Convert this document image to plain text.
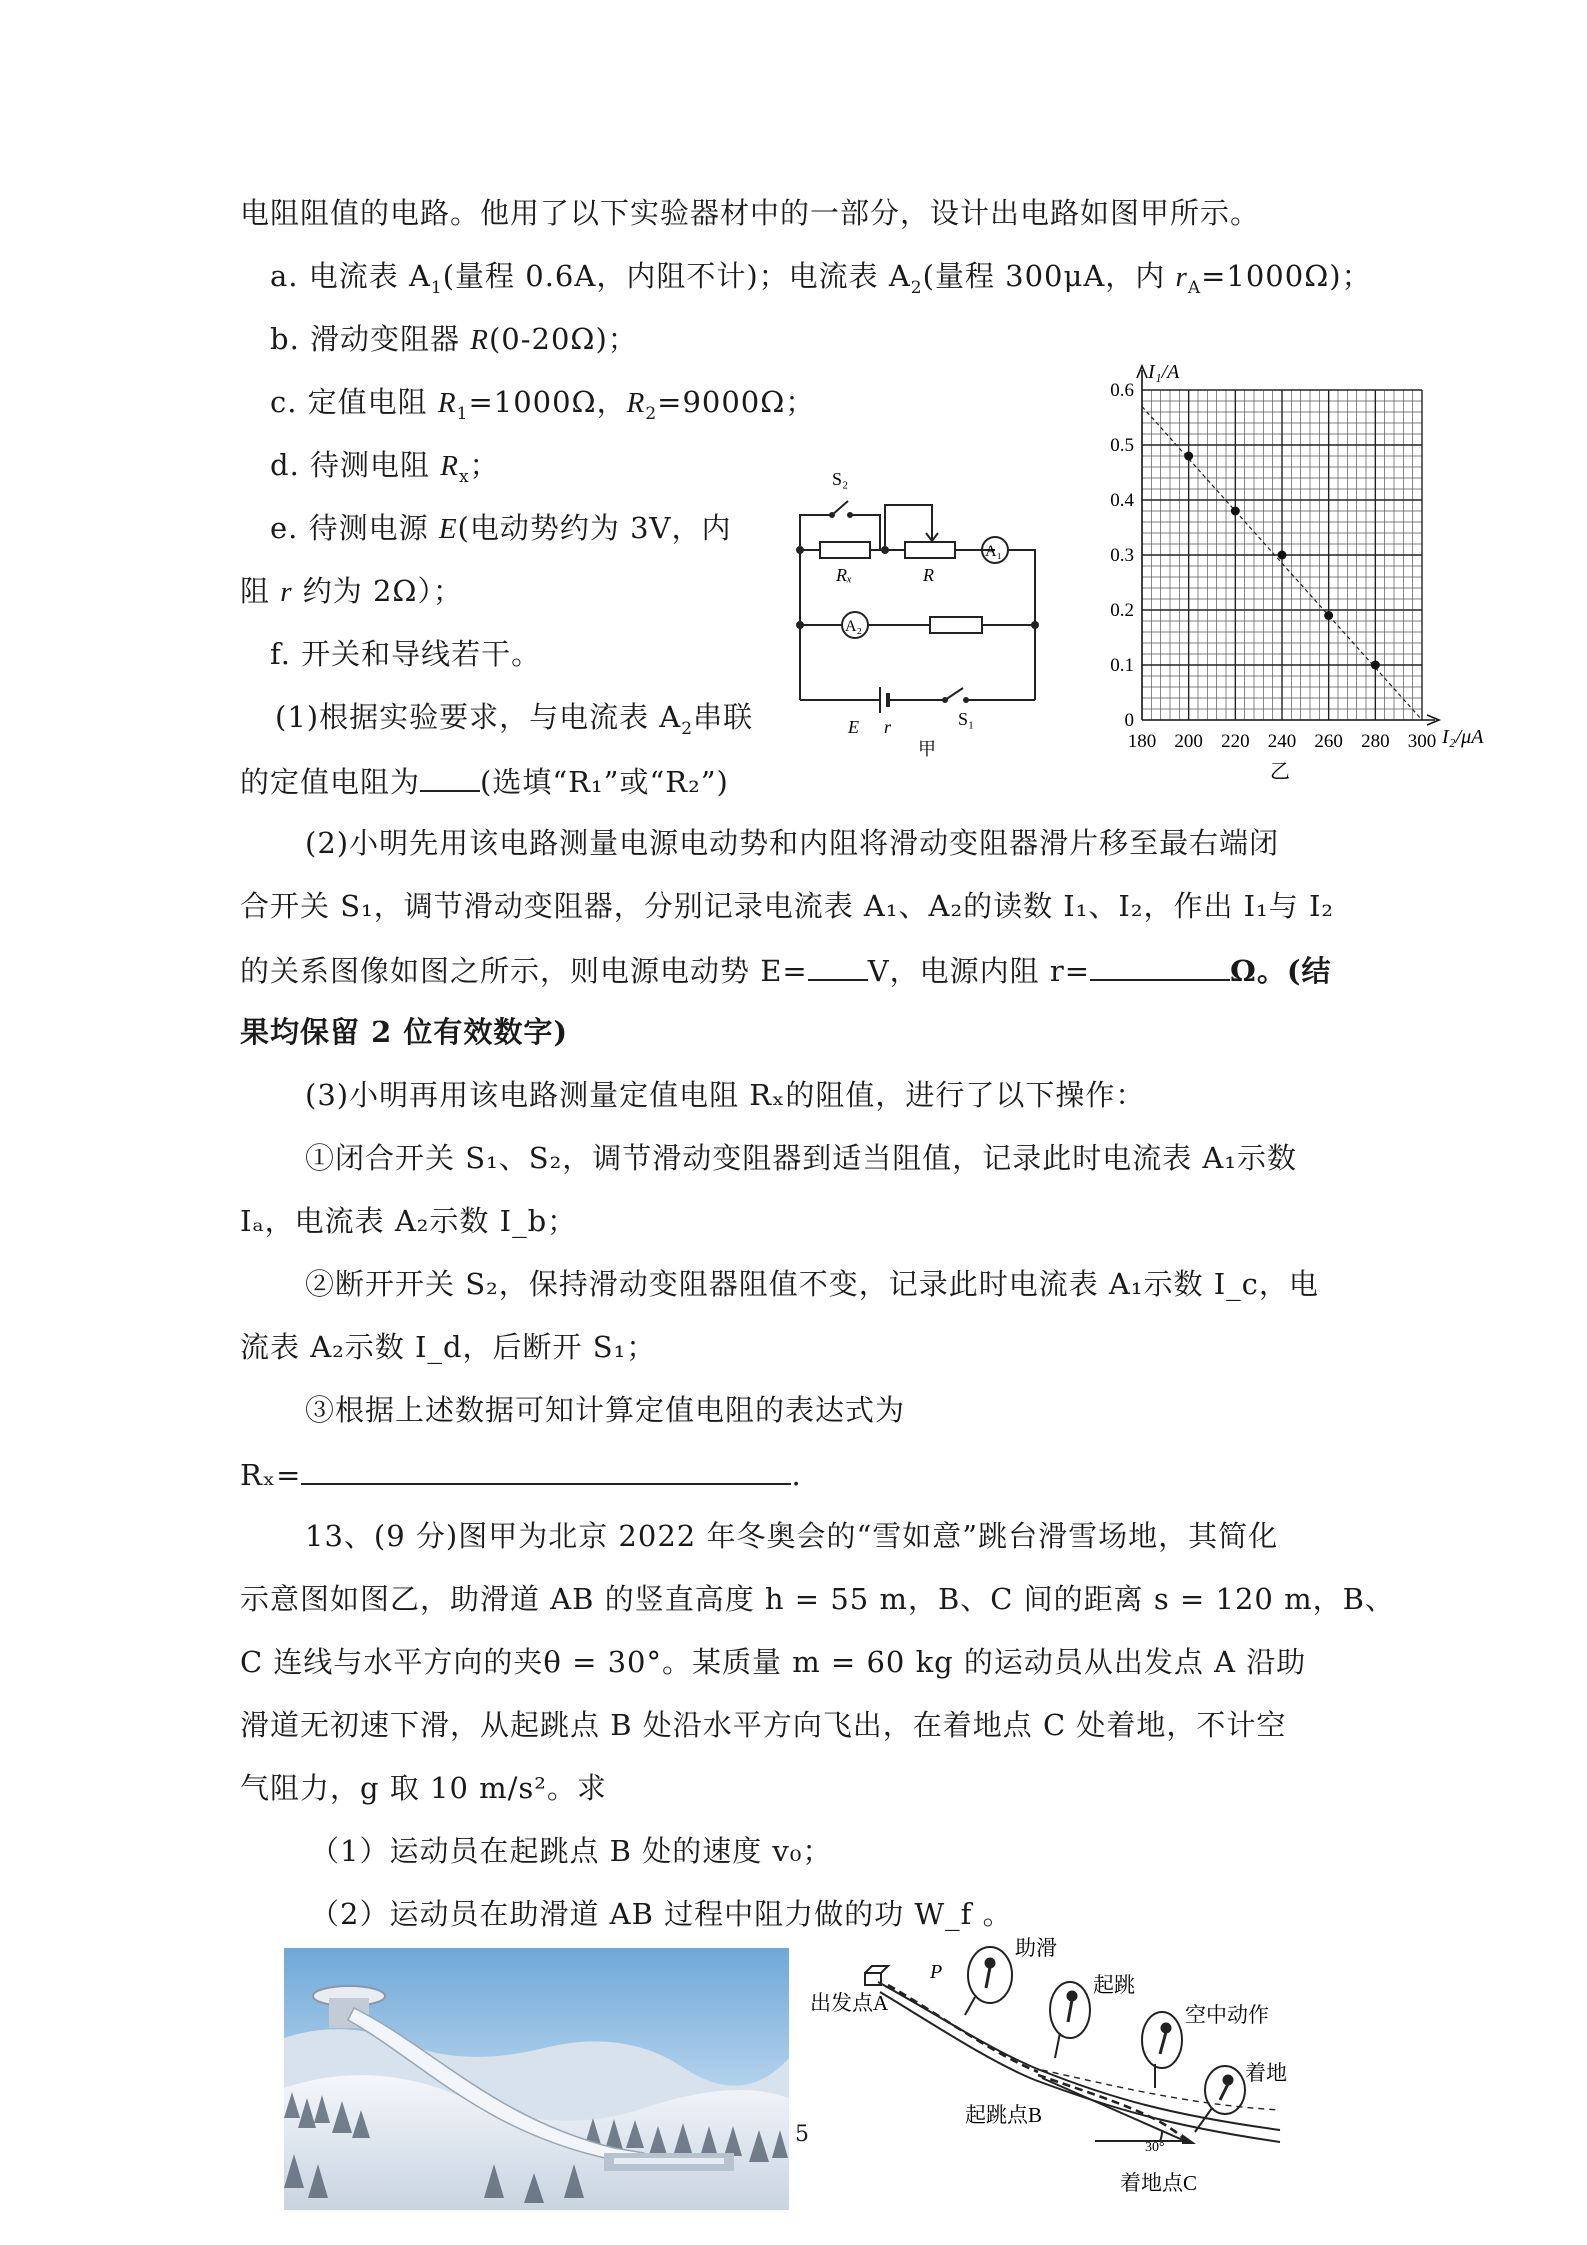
电阻阻值的电路。他用了以下实验器材中的一部分，设计出电路如图甲所示。
a. 电流表 $A_1$(量程 0.6A，内阻不计)；电流表 $A_2$(量程 300μA，内 $r_A=1000\Omega$)；
b. 滑动变阻器 R(0-20Ω)；
c. 定值电阻 $R_1=1000\Omega$，$R_2=9000\Omega$；
d. 待测电阻 $R_x$；
e. 待测电源 E(电动势约为 3V，内
阻 r 约为 2Ω）；
f. 开关和导线若干。
(1)根据实验要求，与电流表 $A_2$串联
的定值电阻为 (选填“R₁”或“R₂”)
(2)小明先用该电路测量电源电动势和内阻将滑动变阻器滑片移至最右端闭
合开关 S₁，调节滑动变阻器，分别记录电流表 A₁、A₂的读数 I₁、I₂，作出 I₁与 I₂
的关系图像如图之所示，则电源电动势 E= V，电源内阻 r=	Ω。(结
果均保留 2 位有效数字)
(3)小明再用该电路测量定值电阻 Rₓ的阻值，进行了以下操作：
①闭合开关 S₁、S₂，调节滑动变阻器到适当阻值，记录此时电流表 A₁示数
Iₐ，电流表 A₂示数 I_b；
②断开开关 S₂，保持滑动变阻器阻值不变，记录此时电流表 A₁示数 I_c，电
流表 A₂示数 I_d，后断开 S₁；
③根据上述数据可知计算定值电阻的表达式为
Rₓ=	.
13、(9 分)图甲为北京 2022 年冬奥会的“雪如意”跳台滑雪场地，其简化
示意图如图乙，助滑道 AB 的竖直高度 h = 55 m，B、C 间的距离 s = 120 m，B、
C 连线与水平方向的夹θ = 30°。某质量 m = 60 kg 的运动员从出发点 A 沿助
滑道无初速下滑，从起跳点 B 处沿水平方向飞出，在着地点 C 处着地，不计空
气阻力，g 取 10 m/s²。求
（1）运动员在起跳点 B 处的速度 v₀；
（2）运动员在助滑道 AB 过程中阻力做的功 W_f 。
S₂
Rₓ	R
A₁
A₂
E r	S₁
甲	180 200 220 240 260 280 300
0
0.1
0.2
0.3
0.4
0.5
0.6
I₁/A
I₂/μA
乙
5
P
出发点A
助滑
起跳
空中动作
着地
起跳点B
30°
着地点C
